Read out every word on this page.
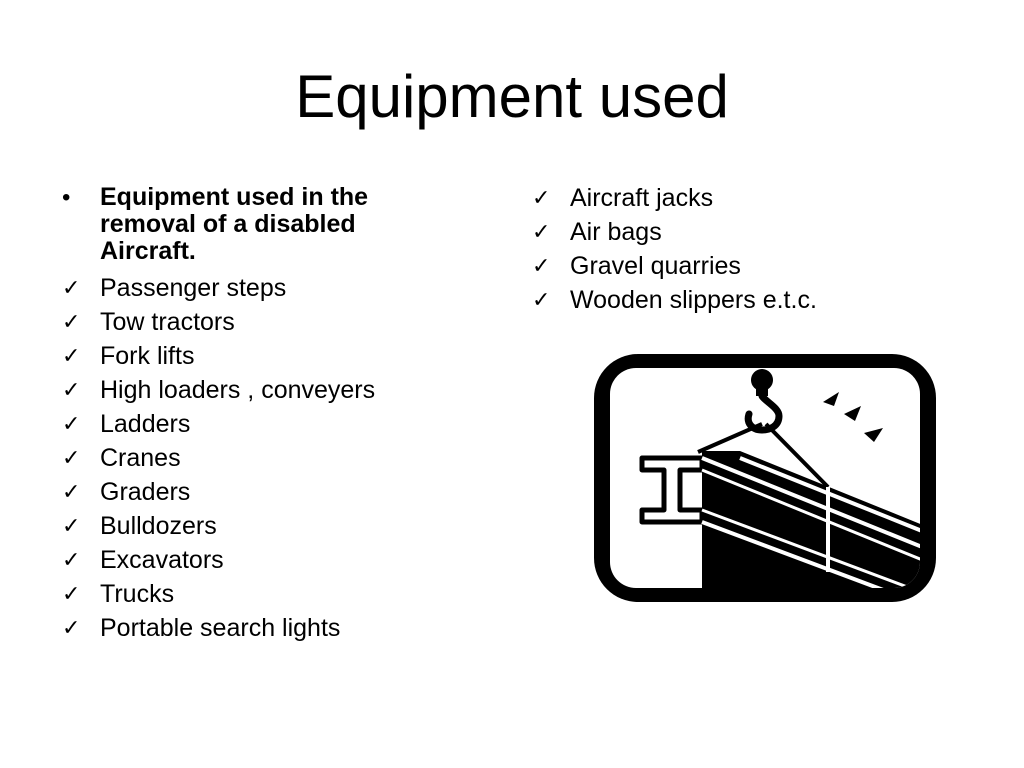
Equipment used
•	Equipment used in the removal of a disabled Aircraft.
✓ Passenger steps
✓ Tow tractors
✓ Fork lifts
✓ High loaders , conveyers
✓ Ladders
✓ Cranes
✓ Graders
✓ Bulldozers
✓ Excavators
✓ Trucks
✓ Portable search lights
✓ Aircraft jacks
✓ Air bags
✓ Gravel quarries
✓ Wooden slippers e.t.c.
